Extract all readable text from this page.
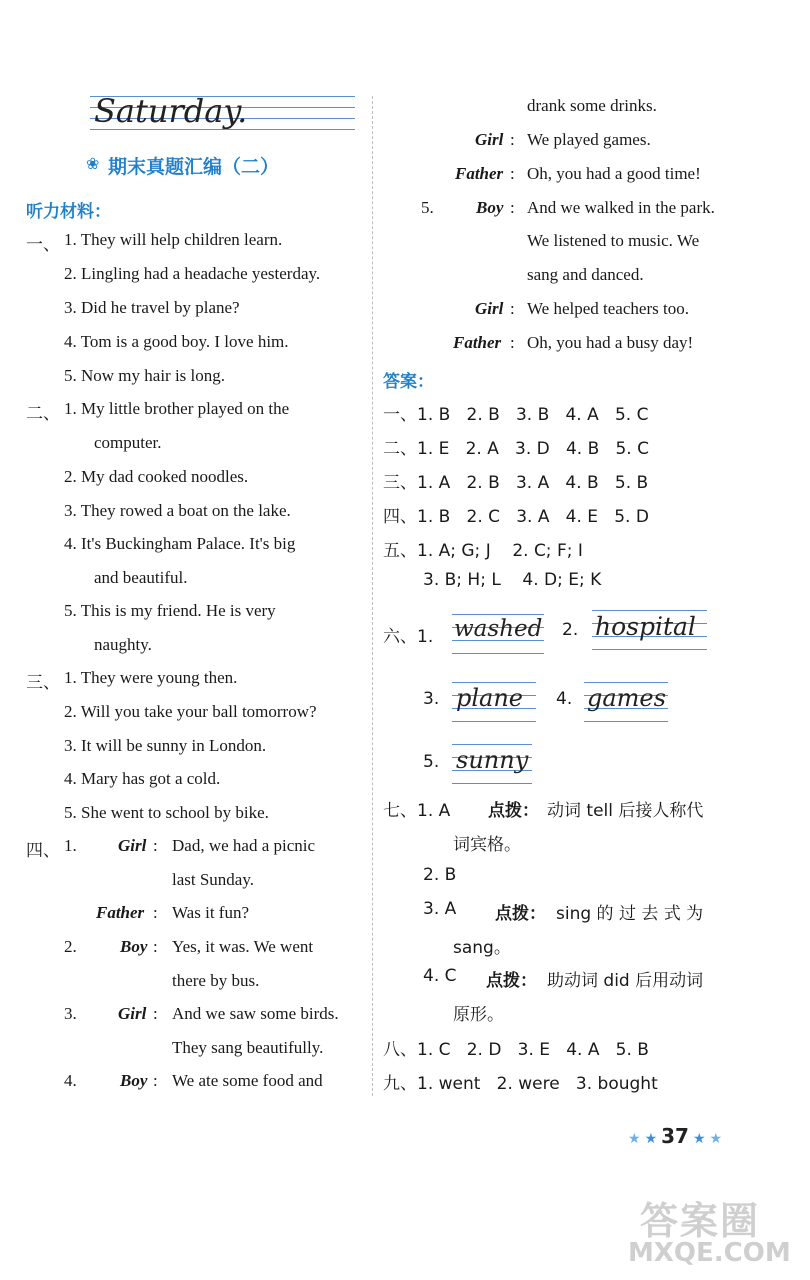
Saturday.
❀ 期末真题汇编（二）
听力材料：
一、 1. They will help children learn.
2. Lingling had a headache yesterday.
3. Did he travel by plane?
4. Tom is a good boy. I love him.
5. Now my hair is long.
二、 1. My little brother played on the
computer.
2. My dad cooked noodles.
3. They rowed a boat on the lake.
4. It's Buckingham Palace. It's big
and beautiful.
5. This is my friend. He is very
naughty.
三、 1. They were young then.
2. Will you take your ball tomorrow?
3. It will be sunny in London.
4. Mary has got a cold.
5. She went to school by bike.
四、 1. Girl : Dad, we had a picnic
last Sunday.
Father : Was it fun?
2.	Boy : Yes, it was. We went
there by bus.
3. Girl : And we saw some birds.
They sang beautifully.
4.	Boy : We ate some food and
drank some drinks.
Girl : We played games.
Father : Oh, you had a good time!
5. Boy : And we walked in the park.
We listened to music. We
sang and danced.
Girl : We helped teachers too.
Father : Oh, you had a busy day!
答案：
一、1. B   2. B   3. B   4. A   5. C
二、1. E   2. A   3. D   4. B   5. C
三、1. A   2. B   3. A   4. B   5. B
四、1. B   2. C   3. A   4. E   5. D
五、1. A; G; J    2. C; F; I
3. B; H; L    4. D; E; K
六、1. washed 2. hospital
3. plane 4. games
5. sunny
七、1. A 点拨： 动词 tell 后接人称代
词宾格。
2. B
3. A 点拨： sing 的 过 去 式 为
sang。
4. C 点拨： 助动词 did 后用动词
原形。
八、1. C   2. D   3. E   4. A   5. B
九、1. went   2. were   3. bought
★ ★ 37 ★ ★
答案圈
MXQE.COM
